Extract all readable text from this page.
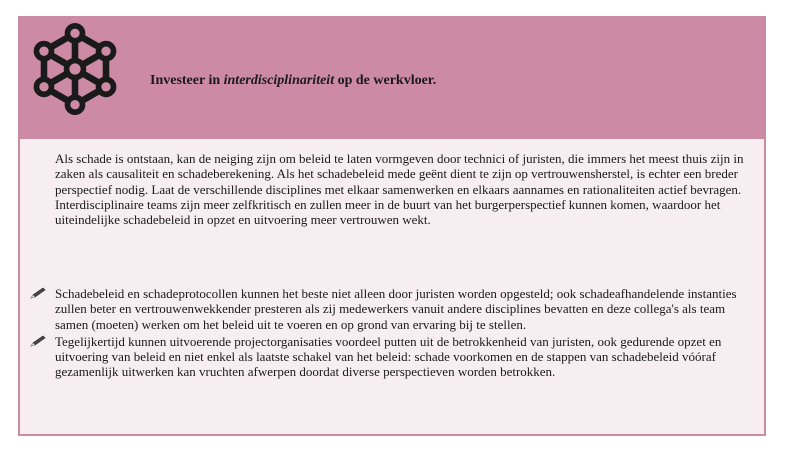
Investeer in interdisciplinariteit op de werkvloer.

Als schade is ontstaan, kan de neiging zijn om beleid te laten vormgeven door technici of juristen, die immers het meest thuis zijn in zaken als causaliteit en schadeberekening. Als het schadebeleid mede geënt dient te zijn op vertrouwensherstel, is echter een breder perspectief nodig. Laat de verschillende disciplines met elkaar samenwerken en elkaars aannames en rationaliteiten actief bevragen. Interdisciplinaire teams zijn meer zelfkritisch en zullen meer in de buurt van het burgerperspectief kunnen komen, waardoor het uiteindelijke schadebeleid in opzet en uitvoering meer vertrouwen wekt.

Schadebeleid en schadeprotocollen kunnen het beste niet alleen door juristen worden opgesteld; ook schadeafhandelende instanties zullen beter en vertrouwenwekkender presteren als zij medewerkers vanuit andere disciplines bevatten en deze collega's als team samen (moeten) werken om het beleid uit te voeren en op grond van ervaring bij te stellen.
Tegelijkertijd kunnen uitvoerende projectorganisaties voordeel putten uit de betrokkenheid van juristen, ook gedurende opzet en uitvoering van beleid en niet enkel als laatste schakel van het beleid: schade voorkomen en de stappen van schadebeleid vóóraf gezamenlijk uitwerken kan vruchten afwerpen doordat diverse perspectieven worden betrokken.
